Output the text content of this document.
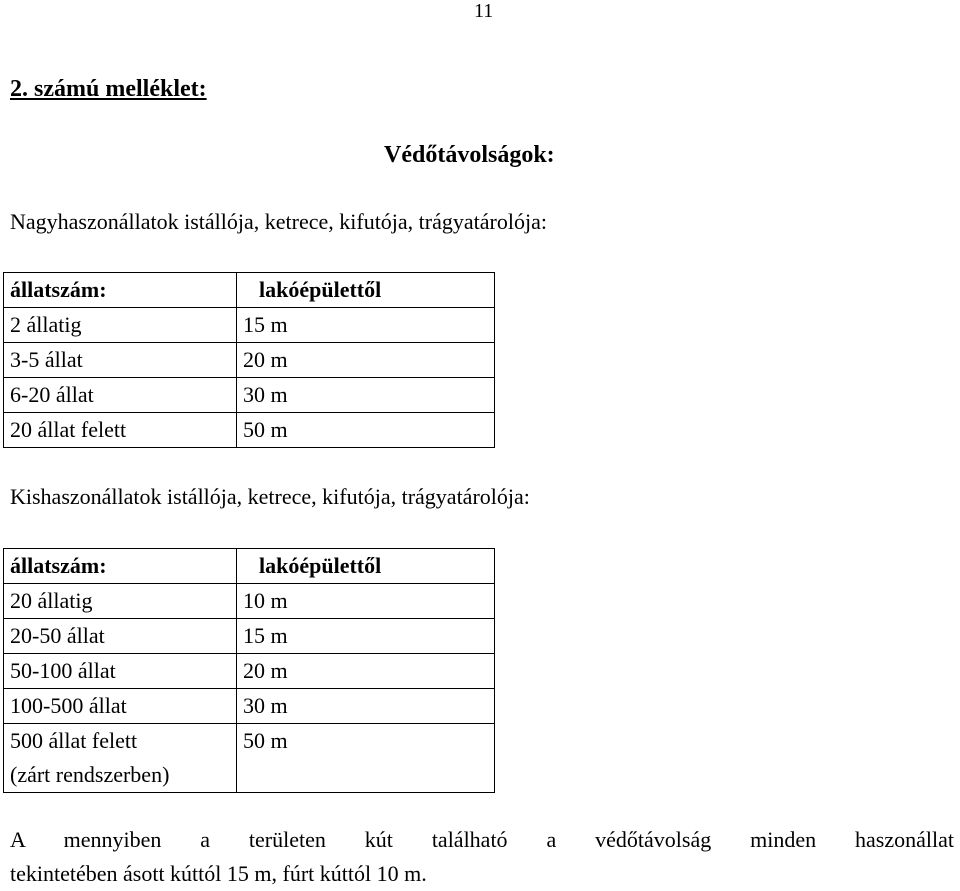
11
2. számú melléklet:
Védőtávolságok:
Nagyhaszonállatok istállója, ketrece, kifutója, trágyatárolója:
állatszám:	lakóépülettől
2 állatig	15 m
3-5 állat	20 m
6-20 állat	30 m
20 állat felett	50 m
Kishaszonállatok istállója, ketrece, kifutója, trágyatárolója:
állatszám:	lakóépülettől
20 állatig	10 m
20-50 állat	15 m
50-100 állat	20 m
100-500 állat	30 m

500 állat felett
(zárt rendszerben)	50 m
A mennyiben a területen kút található a védőtávolság minden haszonállat
tekintetében ásott kúttól 15 m, fúrt kúttól 10 m.
